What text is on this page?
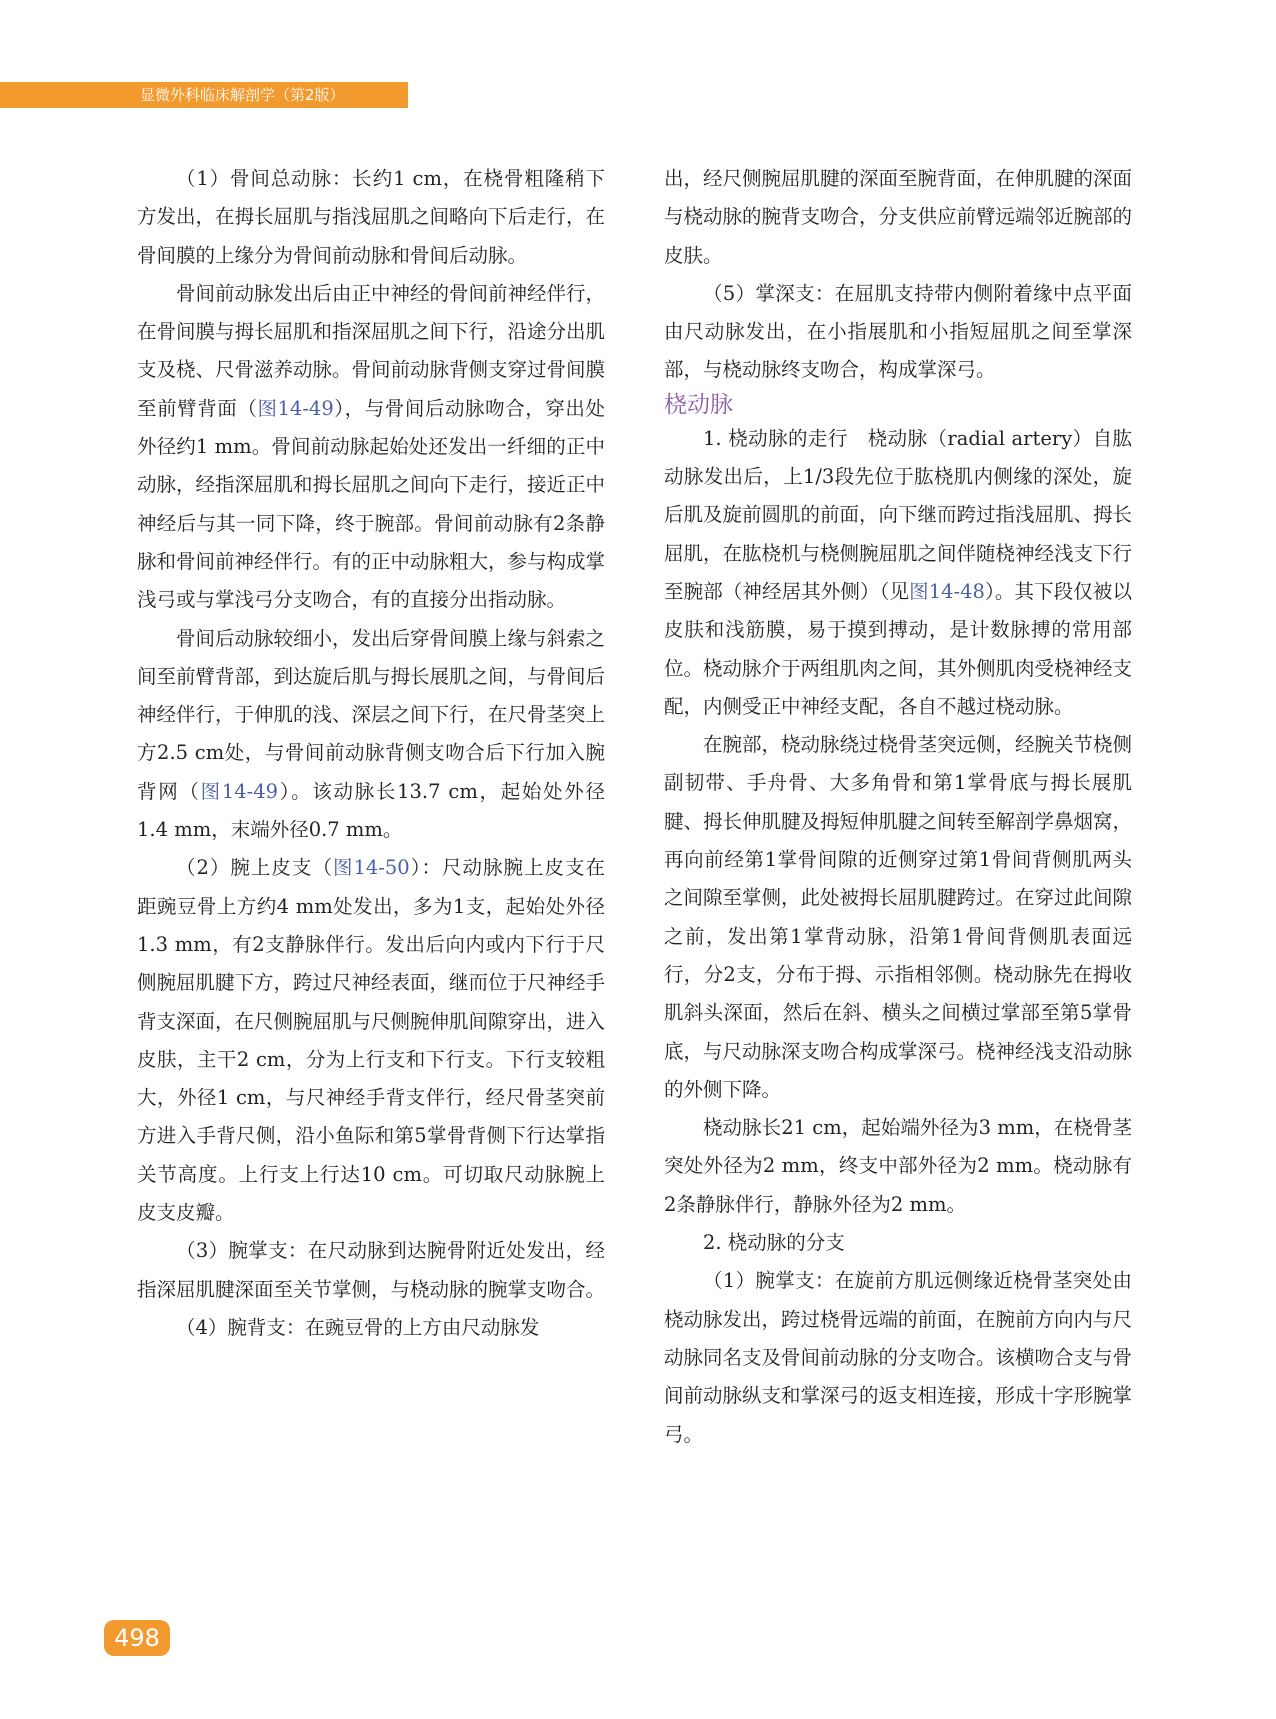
显微外科临床解剖学（第2版）

（1）骨间总动脉：长约1 cm，在桡骨粗隆稍下方发出，在拇长屈肌与指浅屈肌之间略向下后走行，在骨间膜的上缘分为骨间前动脉和骨间后动脉。

骨间前动脉发出后由正中神经的骨间前神经伴行，在骨间膜与拇长屈肌和指深屈肌之间下行，沿途分出肌支及桡、尺骨滋养动脉。骨间前动脉背侧支穿过骨间膜至前臂背面（图14-49），与骨间后动脉吻合，穿出处外径约1 mm。骨间前动脉起始处还发出一纤细的正中动脉，经指深屈肌和拇长屈肌之间向下走行，接近正中神经后与其一同下降，终于腕部。骨间前动脉有2条静脉和骨间前神经伴行。有的正中动脉粗大，参与构成掌浅弓或与掌浅弓分支吻合，有的直接分出指动脉。

骨间后动脉较细小，发出后穿骨间膜上缘与斜索之间至前臂背部，到达旋后肌与拇长展肌之间，与骨间后神经伴行，于伸肌的浅、深层之间下行，在尺骨茎突上方2.5 cm处，与骨间前动脉背侧支吻合后下行加入腕背网（图14-49）。该动脉长13.7 cm，起始处外径1.4 mm，末端外径0.7 mm。

（2）腕上皮支（图14-50）：尺动脉腕上皮支在距豌豆骨上方约4 mm处发出，多为1支，起始处外径1.3 mm，有2支静脉伴行。发出后向内或内下行于尺侧腕屈肌腱下方，跨过尺神经表面，继而位于尺神经手背支深面，在尺侧腕屈肌与尺侧腕伸肌间隙穿出，进入皮肤，主干2 cm，分为上行支和下行支。下行支较粗大，外径1 cm，与尺神经手背支伴行，经尺骨茎突前方进入手背尺侧，沿小鱼际和第5掌骨背侧下行达掌指关节高度。上行支上行达10 cm。可切取尺动脉腕上皮支皮瓣。

（3）腕掌支：在尺动脉到达腕骨附近处发出，经指深屈肌腱深面至关节掌侧，与桡动脉的腕掌支吻合。

（4）腕背支：在豌豆骨的上方由尺动脉发

出，经尺侧腕屈肌腱的深面至腕背面，在伸肌腱的深面与桡动脉的腕背支吻合，分支供应前臂远端邻近腕部的皮肤。

（5）掌深支：在屈肌支持带内侧附着缘中点平面由尺动脉发出，在小指展肌和小指短屈肌之间至掌深部，与桡动脉终支吻合，构成掌深弓。

桡动脉

1. 桡动脉的走行　桡动脉（radial artery）自肱动脉发出后，上1/3段先位于肱桡肌内侧缘的深处，旋后肌及旋前圆肌的前面，向下继而跨过指浅屈肌、拇长屈肌，在肱桡机与桡侧腕屈肌之间伴随桡神经浅支下行至腕部（神经居其外侧）（见图14-48）。其下段仅被以皮肤和浅筋膜，易于摸到搏动，是计数脉搏的常用部位。桡动脉介于两组肌肉之间，其外侧肌肉受桡神经支配，内侧受正中神经支配，各自不越过桡动脉。

在腕部，桡动脉绕过桡骨茎突远侧，经腕关节桡侧副韧带、手舟骨、大多角骨和第1掌骨底与拇长展肌腱、拇长伸肌腱及拇短伸肌腱之间转至解剖学鼻烟窝，再向前经第1掌骨间隙的近侧穿过第1骨间背侧肌两头之间隙至掌侧，此处被拇长屈肌腱跨过。在穿过此间隙之前，发出第1掌背动脉，沿第1骨间背侧肌表面远行，分2支，分布于拇、示指相邻侧。桡动脉先在拇收肌斜头深面，然后在斜、横头之间横过掌部至第5掌骨底，与尺动脉深支吻合构成掌深弓。桡神经浅支沿动脉的外侧下降。

桡动脉长21 cm，起始端外径为3 mm，在桡骨茎突处外径为2 mm，终支中部外径为2 mm。桡动脉有2条静脉伴行，静脉外径为2 mm。

2. 桡动脉的分支

（1）腕掌支：在旋前方肌远侧缘近桡骨茎突处由桡动脉发出，跨过桡骨远端的前面，在腕前方向内与尺动脉同名支及骨间前动脉的分支吻合。该横吻合支与骨间前动脉纵支和掌深弓的返支相连接，形成十字形腕掌弓。

498
